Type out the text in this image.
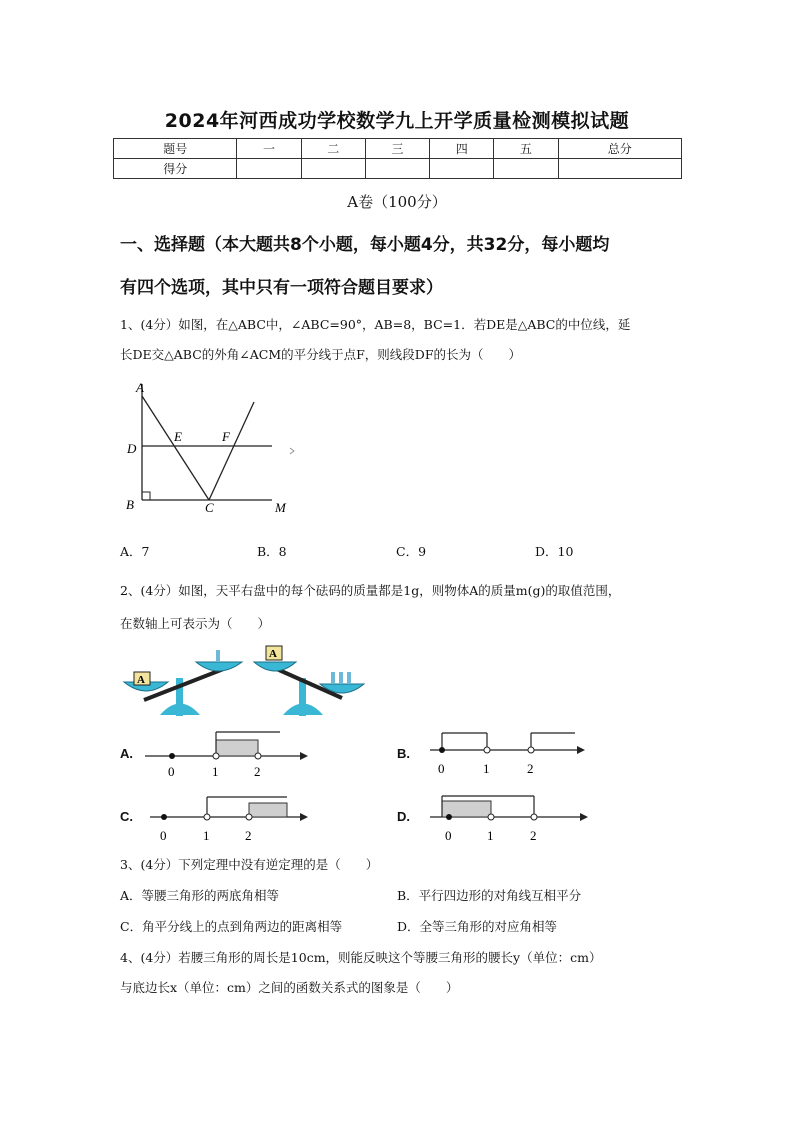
2024年河西成功学校数学九上开学质量检测模拟试题
题号	一	二	三	四	五	总分
得分						
A卷（100分）
一、选择题（本大题共8个小题，每小题4分，共32分，每小题均
有四个选项，其中只有一项符合题目要求）
1、(4分）如图，在△ABC中，∠ABC=90°，AB=8，BC=1．若DE是△ABC的中位线，延
长DE交△ABC的外角∠ACM的平分线于点F，则线段DF的长为（　　）
A
D
E	F
B	C	M
A．7	B．8	C．9	D．10
2、(4分）如图，天平右盘中的每个砝码的质量都是1g，则物体A的质量m(g)的取值范围，
在数轴上可表示为（　　）
A
A
A.
0	1	2
B.
0	1	2
C.
0	1	2
D.
0	1	2
3、(4分）下列定理中没有逆定理的是（　　）
A．等腰三角形的两底角相等	B．平行四边形的对角线互相平分
C．角平分线上的点到角两边的距离相等	D．全等三角形的对应角相等
4、(4分）若腰三角形的周长是10cm，则能反映这个等腰三角形的腰长y（单位：cm）
与底边长x（单位：cm）之间的函数关系式的图象是（　　）
